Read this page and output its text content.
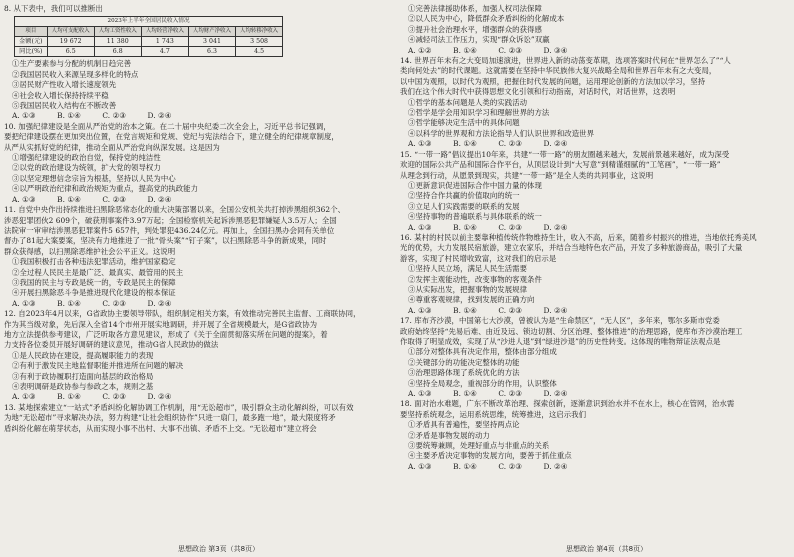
8. 从下表中，我们可以推断出
2023年上半年全国居民收入情况					
项目	人均可支配收入	人均工资性收入	人均经营净收入	人均财产净收入	人均转移净收入
金额(元)	19 672	11 380	1 743	3 041	3 508
同比(%)	6.5	6.8	4.7	6.3	4.5
①生产要素参与分配的机制日趋完善
②我国居民收入来源呈现多样化的特点
③居民财产性收入增长速度领先
④社会收入增长保持持续平稳
⑤我国居民收入结构在不断改善
A. ①③         B. ①④         C. ②③         D. ②④
10. 加强纪律建设是全面从严治党的治本之策。在二十届中央纪委二次全会上，习近平总书记强调，
要把纪律建设摆在更加突出位置，在党言规矩和党规、党纪与宪法结合下，建立健全的纪律规章制度，
从严从实抓好党的纪律，推动全面从严治党向纵深发展。这是因为
①增强纪律建设的政治自觉，保持党的纯洁性
②以党的政治建设为统领，扩大党的领导权力
③以坚定理想信念宗旨为根基，坚持以人民为中心
④以严明政治纪律和政治规矩为重点，提高党的执政能力
A. ①③         B. ①④         C. ②③         D. ②④
11. 自党中央作出持续推进扫黑除恶常态化的重大决策部署以来，全国公安机关共打掉涉黑组织362个、
涉恶犯罪团伙2 609个，破获刑事案件3.97万起；全国检察机关起诉涉黑恶犯罪嫌疑人3.5万人；全国
法院审一审审结涉黑恶犯罪案件5 657件，判处罪犯436.24亿元。再加上，全国扫黑办会同有关单位
督办了81起大案要案，坚决有力地推进了一批“骨头案”“钉子案”，以扫黑除恶斗争的新成果，同时
群众获得感，以扫黑除恶维护社会公平正义。这说明
①我国积极打击各种违法犯罪活动，维护国家稳定
②全过程人民民主是最广泛、最真实、最管用的民主
③我国的民主与专政是统一的，专政是民主的保障
④开展扫黑除恶斗争是推进现代化建设的根本保证
A. ①③         B. ①④         C. ②③         D. ②④
12. 自2023年4月以来，G省政协主要领导带队，组织制定相关方案，有效推动完善民主监督、工商联协同，
作为其当级对象，先后深入全省14个市州开展实地调研，并开展了全省规模最大，是G省政协为
地方立法提供参考建议，广泛听取各方意见建议，形成了《关于全面贯彻落实所在问题的提案》，着
力支持各位委员开展好调研的建议意见，推动G省人民政协的做法
①是人民政协在建设，提高履职能力的表现
②有利于激发民主地监督职能并推进所在问题的解决
③有利于政协履职打造面向基层的政治格局
④表明调研是政协参与参政之本，规则之基
A. ①③         B. ①④         C. ②③         D. ②④
13. 某地探索建立“一站式”矛盾纠纷化解协调工作机制，用“无讼超市”，吸引群众主动化解纠纷，可以有效
为地“无讼超市”寻求解决办法，努力构建“让社会组织协作”只进一扇门，最多跑一地”，最大限度将矛
盾纠纷化解在萌芽状态，从而实现小事不出村、大事不出镇、矛盾不上交。“无讼超市”建立将会
①完善法律援助体系，加强人权司法保障
②以人民为中心，降低群众矛盾纠纷的化解成本
③提升社会治理水平，增强群众的获得感
④减轻司法工作压力，实现“群众诉讼”双赢
A. ①②         B. ①④         C. ②③         D. ③④
14. 世界百年未有之大变局加速演进，世界进入新的动荡变革期，选项答案时代何在“世界怎么了”“人
类向何处去”的时代课题。这就需要在坚持中华民族伟大复兴战略全局和世界百年未有之大变局，
以中国为观照，以时代为观照，把握住时代发展的问题，运用理论创新的方法加以学习，坚持
我们在这个伟大时代中获得思想文化引领和行动指南，对话时代，对话世界，这表明
①哲学的基本问题是人类的实践活动
②哲学是学会用知识学习和理解世界的方法
③哲学能够决定生活中的具体问题
④以科学的世界观和方法论指导人们认识世界和改造世界
A. ①③         B. ①④         C. ②③         D. ②④
15. “一带一路”倡议提出10年来，共建“一带一路”的朋友圈越来越大，发展前景越来越好，成为深受
欢迎的国际公共产品和国际合作平台，从顶层设计到“大写意”到精谨细腻的“工笔画”，“一带一路”
从理念到行动，从愿景到现实，共建“一带一路”是全人类的共同事业，这说明
①更新意识促进国际合作中国力量的体现
②坚持合作共赢的价值取向的统一
③立足人们实践需要的联系的发展
④坚持事物的普遍联系与具体联系的统一
A. ①③         B. ①④         C. ②③         D. ②④
16. 某村的村民以前主要靠种植传统作物维持生计，收入不高，后来，随着乡村振兴的推进，当地依托秀美风
光的优势，大力发展民宿旅游，建立农家乐，并结合当地特色农产品，开发了多种旅游商品，吸引了大量
游客，实现了村民增收致富，这对我们的启示是
①坚持人民立场，满足人民生活需要
②发挥主观能动性，改变事物的客观条件
③从实际出发，把握事物的发展规律
④尊重客观规律，找到发展的正确方向
A. ①③         B. ①④         C. ②③         D. ②④
17. 库布齐沙漠，中国第七大沙漠，曾被认为是“生命禁区”，“无人区”，多年来，鄂尔多斯市党委
政府始终坚持“先易后难、由近及远、锁边切割、分区治理、整体推进”的治理思路，使库布齐沙漠治理工
作取得了明显成效，实现了从“沙进人退”到“绿进沙退”的历史性转变。这体现的唯物辩证法观点是
①部分对整体具有决定作用，整体由部分组成
②关键部分的功能决定整体的功能
③治理思路体现了系统优化的方法
④坚持全局观念，重视部分的作用，认识整体
A. ①③         B. ①④         C. ②③         D. ②④
18. 面对治水难题，广东不断改革治理、探索创新，逐渐意识到治水并不在水上，核心在管网，治水需
要坚持系统观念，运用系统思维，统筹推进，这启示我们
①矛盾具有普遍性，要坚持两点论
②矛盾是事物发展的动力
③要统筹兼顾，处理好重点与非重点的关系
④主要矛盾决定事物的发展方向，要善于抓住重点
A. ①③         B. ①④         C. ②③         D. ②④
思想政治 第3页（共8页）	思想政治 第4页（共8页）
